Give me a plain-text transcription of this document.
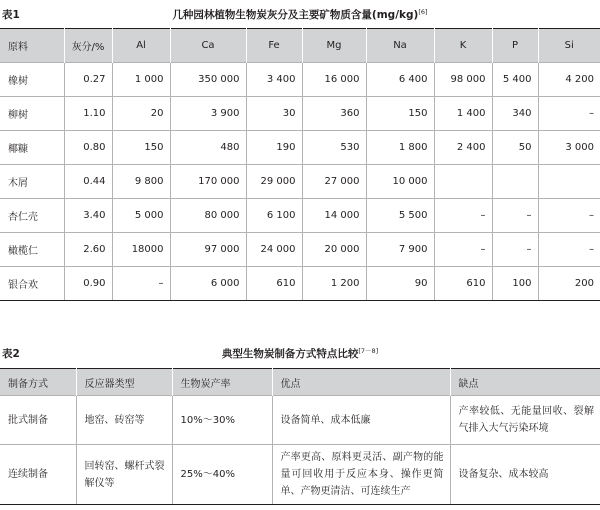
表1	几种园林植物生物炭灰分及主要矿物质含量(mg/kg)[6]
原料	灰分/%	Al	Ca	Fe	Mg	Na	K	P	Si
橡树	0.27	1 000	350 000	3 400	16 000	6 400	98 000	5 400	4 200
柳树	1.10	20	3 900	30	360	150	1 400	340	–
椰糠	0.80	150	480	190	530	1 800	2 400	50	3 000
木屑	0.44	9 800	170 000	29 000	27 000	10 000			
杏仁壳	3.40	5 000	80 000	6 100	14 000	5 500	–	–	–
橄榄仁	2.60	18000	97 000	24 000	20 000	7 900	–	–	–
银合欢	0.90	–	6 000	610	1 200	90	610	100	200
表2	典型生物炭制备方式特点比较[7－8]
制备方式	反应器类型	生物炭产率	优点	缺点
批式制备	地窑、砖窑等	10%～30%	设备简单、成本低廉	产率较低、无能量回收、裂解气排入大气污染环境
连续制备	回转窑、螺杆式裂解仪等	25%～40%	产率更高、原料更灵活、副产物的能量可回收用于反应本身、操作更简单、产物更清洁、可连续生产	设备复杂、成本较高
